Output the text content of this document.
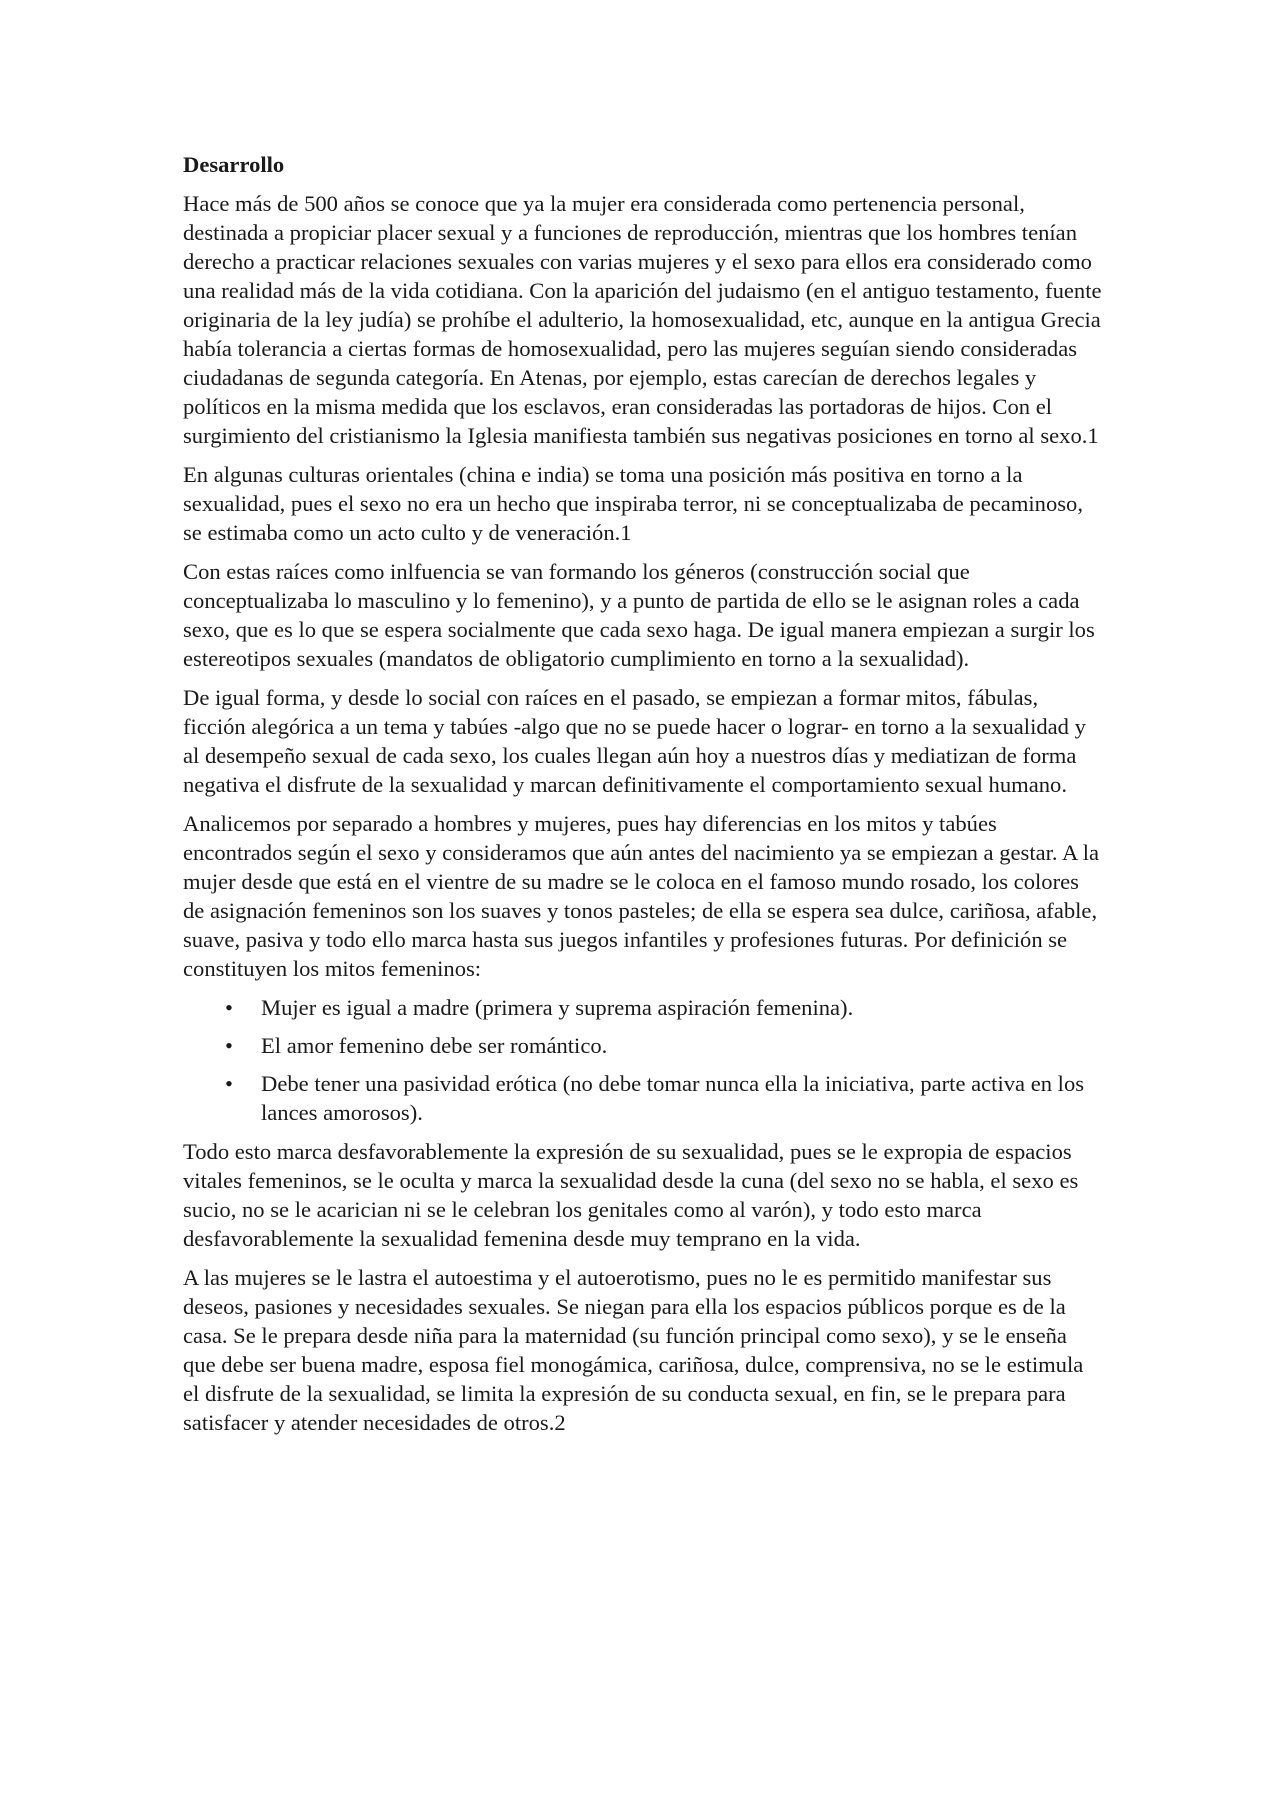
Desarrollo

Hace más de 500 años se conoce que ya la mujer era considerada como pertenencia personal, destinada a propiciar placer sexual y a funciones de reproducción, mientras que los hombres tenían derecho a practicar relaciones sexuales con varias mujeres y el sexo para ellos era considerado como una realidad más de la vida cotidiana. Con la aparición del judaismo (en el antiguo testamento, fuente originaria de la ley judía) se prohíbe el adulterio, la homosexualidad, etc, aunque en la antigua Grecia había tolerancia a ciertas formas de homosexualidad, pero las mujeres seguían siendo consideradas ciudadanas de segunda categoría. En Atenas, por ejemplo, estas carecían de derechos legales y políticos en la misma medida que los esclavos, eran consideradas las portadoras de hijos. Con el surgimiento del cristianismo la Iglesia manifiesta también sus negativas posiciones en torno al sexo.1

En algunas culturas orientales (china e india) se toma una posición más positiva en torno a la sexualidad, pues el sexo no era un hecho que inspiraba terror, ni se conceptualizaba de pecaminoso, se estimaba como un acto culto y de veneración.1

Con estas raíces como inlfuencia se van formando los géneros (construcción social que conceptualizaba lo masculino y lo femenino), y a punto de partida de ello se le asignan roles a cada sexo, que es lo que se espera socialmente que cada sexo haga. De igual manera empiezan a surgir los estereotipos sexuales (mandatos de obligatorio cumplimiento en torno a la sexualidad).

De igual forma, y desde lo social con raíces en el pasado, se empiezan a formar mitos, fábulas, ficción alegórica a un tema y tabúes -algo que no se puede hacer o lograr- en torno a la sexualidad y al desempeño sexual de cada sexo, los cuales llegan aún hoy a nuestros días y mediatizan de forma negativa el disfrute de la sexualidad y marcan definitivamente el comportamiento sexual humano.

Analicemos por separado a hombres y mujeres, pues hay diferencias en los mitos y tabúes encontrados según el sexo y consideramos que aún antes del nacimiento ya se empiezan a gestar. A la mujer desde que está en el vientre de su madre se le coloca en el famoso mundo rosado, los colores de asignación femeninos son los suaves y tonos pasteles; de ella se espera sea dulce, cariñosa, afable, suave, pasiva y todo ello marca hasta sus juegos infantiles y profesiones futuras. Por definición se constituyen los mitos femeninos:

• Mujer es igual a madre (primera y suprema aspiración femenina).
• El amor femenino debe ser romántico.
• Debe tener una pasividad erótica (no debe tomar nunca ella la iniciativa, parte activa en los lances amorosos).

Todo esto marca desfavorablemente la expresión de su sexualidad, pues se le expropia de espacios vitales femeninos, se le oculta y marca la sexualidad desde la cuna (del sexo no se habla, el sexo es sucio, no se le acarician ni se le celebran los genitales como al varón), y todo esto marca desfavorablemente la sexualidad femenina desde muy temprano en la vida.

A las mujeres se le lastra el autoestima y el autoerotismo, pues no le es permitido manifestar sus deseos, pasiones y necesidades sexuales. Se niegan para ella los espacios públicos porque es de la casa. Se le prepara desde niña para la maternidad (su función principal como sexo), y se le enseña que debe ser buena madre, esposa fiel monogámica, cariñosa, dulce, comprensiva, no se le estimula el disfrute de la sexualidad, se limita la expresión de su conducta sexual, en fin, se le prepara para satisfacer y atender necesidades de otros.2
